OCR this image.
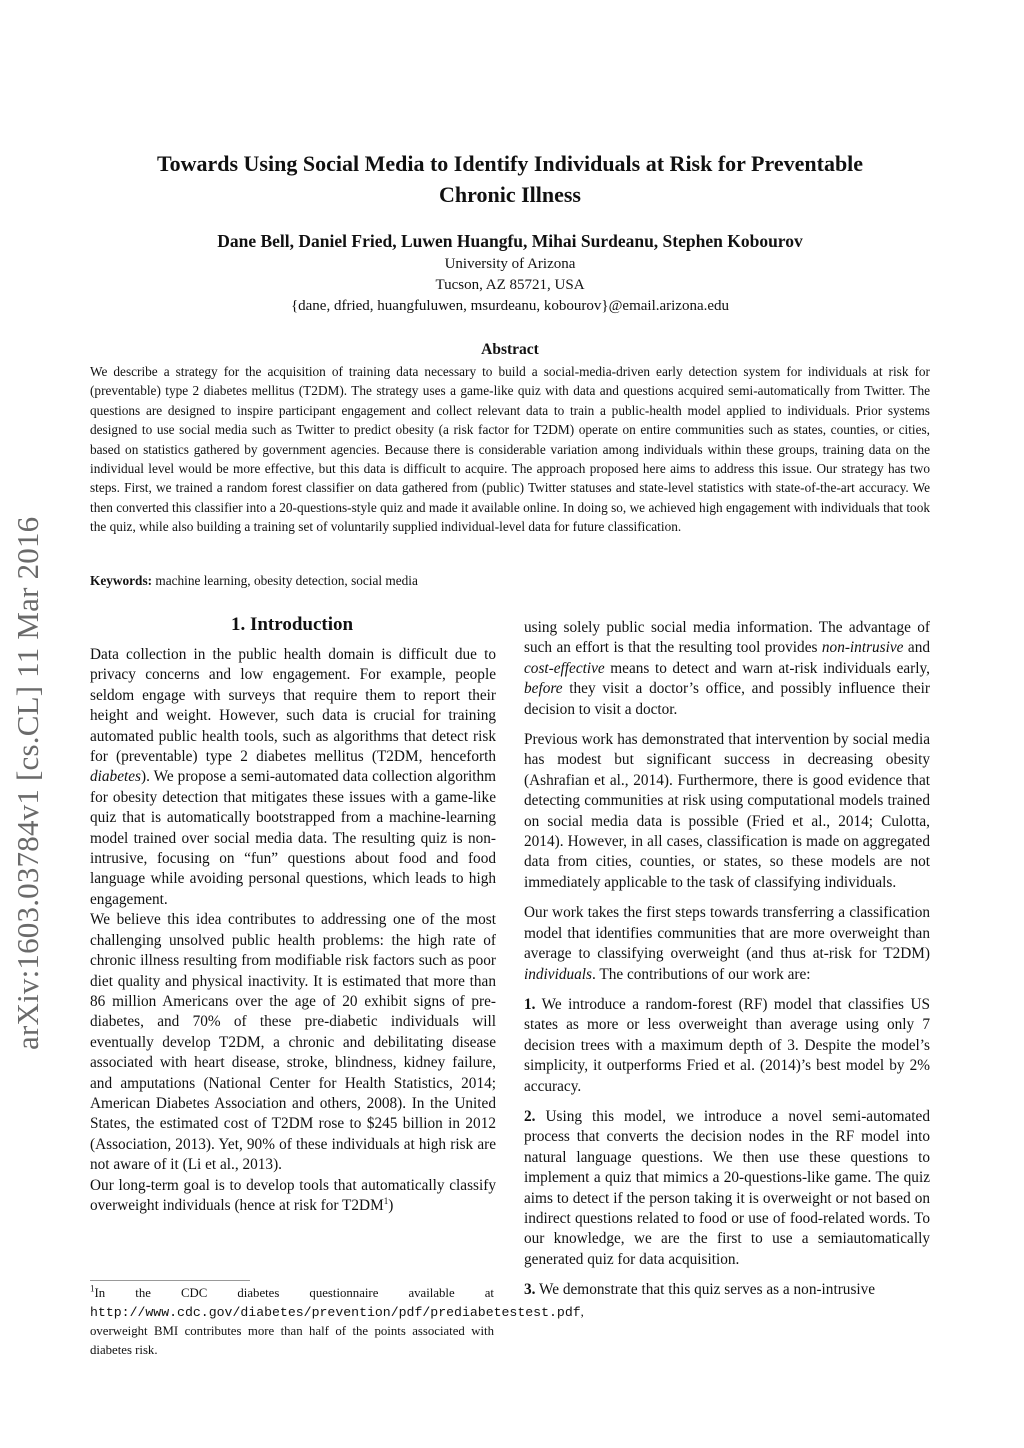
arXiv:1603.03784v1 [cs.CL] 11 Mar 2016
Towards Using Social Media to Identify Individuals at Risk for Preventable
Chronic Illness
Dane Bell, Daniel Fried, Luwen Huangfu, Mihai Surdeanu, Stephen Kobourov
University of Arizona
Tucson, AZ 85721, USA
{dane, dfried, huangfuluwen, msurdeanu, kobourov}@email.arizona.edu
Abstract
We describe a strategy for the acquisition of training data necessary to build a social-media-driven early detection system for individuals at risk for (preventable) type 2 diabetes mellitus (T2DM). The strategy uses a game-like quiz with data and questions acquired semi-automatically from Twitter. The questions are designed to inspire participant engagement and collect relevant data to train a public-health model applied to individuals. Prior systems designed to use social media such as Twitter to predict obesity (a risk factor for T2DM) operate on entire communities such as states, counties, or cities, based on statistics gathered by government agencies. Because there is considerable variation among individuals within these groups, training data on the individual level would be more effective, but this data is difficult to acquire. The approach proposed here aims to address this issue. Our strategy has two steps. First, we trained a random forest classifier on data gathered from (public) Twitter statuses and state-level statistics with state-of-the-art accuracy. We then converted this classifier into a 20-questions-style quiz and made it available online. In doing so, we achieved high engagement with individuals that took the quiz, while also building a training set of voluntarily supplied individual-level data for future classification.
Keywords: machine learning, obesity detection, social media
1. Introduction

Data collection in the public health domain is difficult due to privacy concerns and low engagement. For example, people seldom engage with surveys that require them to report their height and weight. However, such data is crucial for training automated public health tools, such as algorithms that detect risk for (preventable) type 2 diabetes mellitus (T2DM, henceforth diabetes). We propose a semi-automated data collection algorithm for obesity detection that mitigates these issues with a game-like quiz that is automatically bootstrapped from a machine-learning model trained over social media data. The resulting quiz is non-intrusive, focusing on “fun” questions about food and food language while avoiding personal questions, which leads to high engagement.

We believe this idea contributes to addressing one of the most challenging unsolved public health problems: the high rate of chronic illness resulting from modifiable risk factors such as poor diet quality and physical inactivity. It is estimated that more than 86 million Americans over the age of 20 exhibit signs of pre-diabetes, and 70% of these pre-diabetic individuals will eventually develop T2DM, a chronic and debilitating disease associated with heart disease, stroke, blindness, kidney failure, and amputations (National Center for Health Statistics, 2014; American Diabetes Association and others, 2008). In the United States, the estimated cost of T2DM rose to $245 billion in 2012 (Association, 2013). Yet, 90% of these individuals at high risk are not aware of it (Li et al., 2013).

Our long-term goal is to develop tools that automatically classify overweight individuals (hence at risk for $T2DM^1$)

$^1$In the CDC diabetes questionnaire available at http://www.cdc.gov/diabetes/prevention/pdf/prediabetestest.pdf, overweight BMI contributes more than half of the points associated with diabetes risk.

using solely public social media information. The advantage of such an effort is that the resulting tool provides non-intrusive and cost-effective means to detect and warn at-risk individuals early, before they visit a doctor’s office, and possibly influence their decision to visit a doctor.

Previous work has demonstrated that intervention by social media has modest but significant success in decreasing obesity (Ashrafian et al., 2014). Furthermore, there is good evidence that detecting communities at risk using computational models trained on social media data is possible (Fried et al., 2014; Culotta, 2014). However, in all cases, classification is made on aggregated data from cities, counties, or states, so these models are not immediately applicable to the task of classifying individuals.

Our work takes the first steps towards transferring a classification model that identifies communities that are more overweight than average to classifying overweight (and thus at-risk for T2DM) individuals. The contributions of our work are:

1. We introduce a random-forest (RF) model that classifies US states as more or less overweight than average using only 7 decision trees with a maximum depth of 3. Despite the model’s simplicity, it outperforms Fried et al. (2014)’s best model by 2% accuracy.

2. Using this model, we introduce a novel semi-automated process that converts the decision nodes in the RF model into natural language questions. We then use these questions to implement a quiz that mimics a 20-questions-like game. The quiz aims to detect if the person taking it is overweight or not based on indirect questions related to food or use of food-related words. To our knowledge, we are the first to use a semiautomatically generated quiz for data acquisition.

3. We demonstrate that this quiz serves as a non-intrusive
